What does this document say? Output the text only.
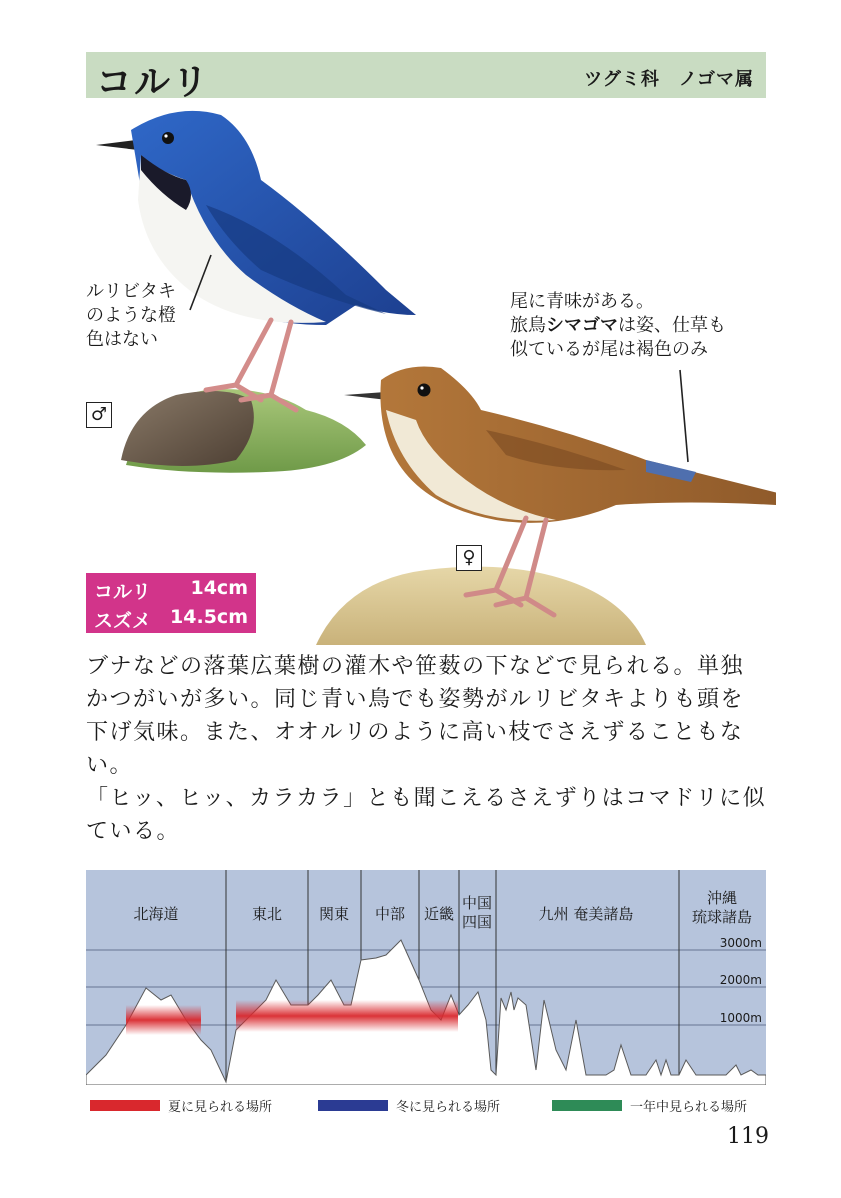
コルリ	ツグミ科　ノゴマ属
ルリビタキ
のような橙
色はない
尾に青味がある。
旅鳥シマゴマは姿、仕草も
似ているが尾は褐色のみ
♂
♀
コルリ 14cm
スズメ 14.5cm
ブナなどの落葉広葉樹の灌木や笹薮の下などで見られる。単独
かつがいが多い。同じ青い鳥でも姿勢がルリビタキよりも頭を
下げ気味。また、オオルリのように高い枝でさえずることもない。
「ヒッ、ヒッ、カラカラ」とも聞こえるさえずりはコマドリに似
ている。
3000m
2000m
1000m
北海道	東北 関東 中部 近畿
中国四国	九州 奄美諸島
沖縄琉球諸島
夏に見られる場所	冬に見られる場所	一年中見られる場所
119
